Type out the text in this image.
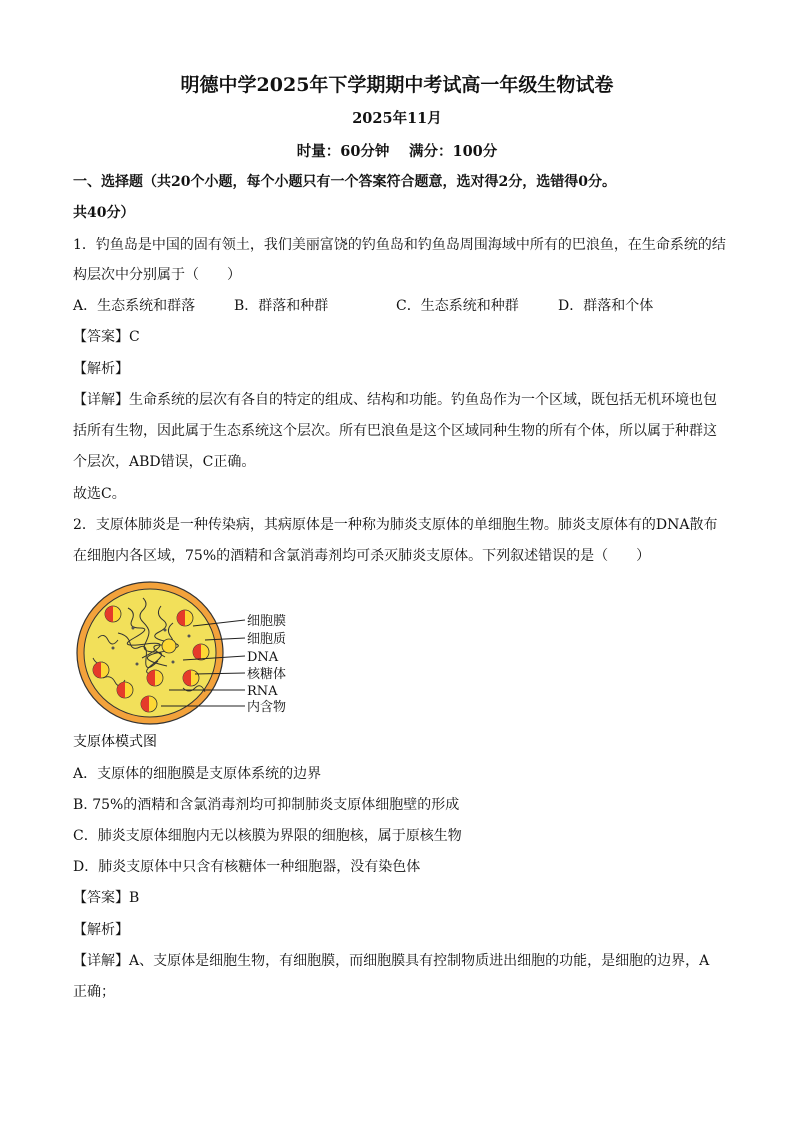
明德中学2025年下学期期中考试高一年级生物试卷
2025年11月
时量：60分钟　 满分：100分
一、选择题（共20个小题，每个小题只有一个答案符合题意，选对得2分，选错得0分。
共40分）
1．钓鱼岛是中国的固有领土，我们美丽富饶的钓鱼岛和钓鱼岛周围海域中所有的巴浪鱼，在生命系统的结
构层次中分别属于（　　）
A．生态系统和群落	B．群落和种群	C．生态系统和种群	D．群落和个体
【答案】C
【解析】
【详解】生命系统的层次有各自的特定的组成、结构和功能。钓鱼岛作为一个区域，既包括无机环境也包
括所有生物，因此属于生态系统这个层次。所有巴浪鱼是这个区域同种生物的所有个体，所以属于种群这
个层次，ABD错误，C正确。
故选C。
2．支原体肺炎是一种传染病，其病原体是一种称为肺炎支原体的单细胞生物。肺炎支原体有的DNA散布
在细胞内各区域，75%的酒精和含氯消毒剂均可杀灭肺炎支原体。下列叙述错误的是（　　）
细胞膜
细胞质
DNA
核糖体
RNA
内含物
支原体模式图
A．支原体的细胞膜是支原体系统的边界
B. 75%的酒精和含氯消毒剂均可抑制肺炎支原体细胞壁的形成
C．肺炎支原体细胞内无以核膜为界限的细胞核，属于原核生物
D．肺炎支原体中只含有核糖体一种细胞器，没有染色体
【答案】B
【解析】
【详解】A、支原体是细胞生物，有细胞膜，而细胞膜具有控制物质进出细胞的功能，是细胞的边界，A
正确；
